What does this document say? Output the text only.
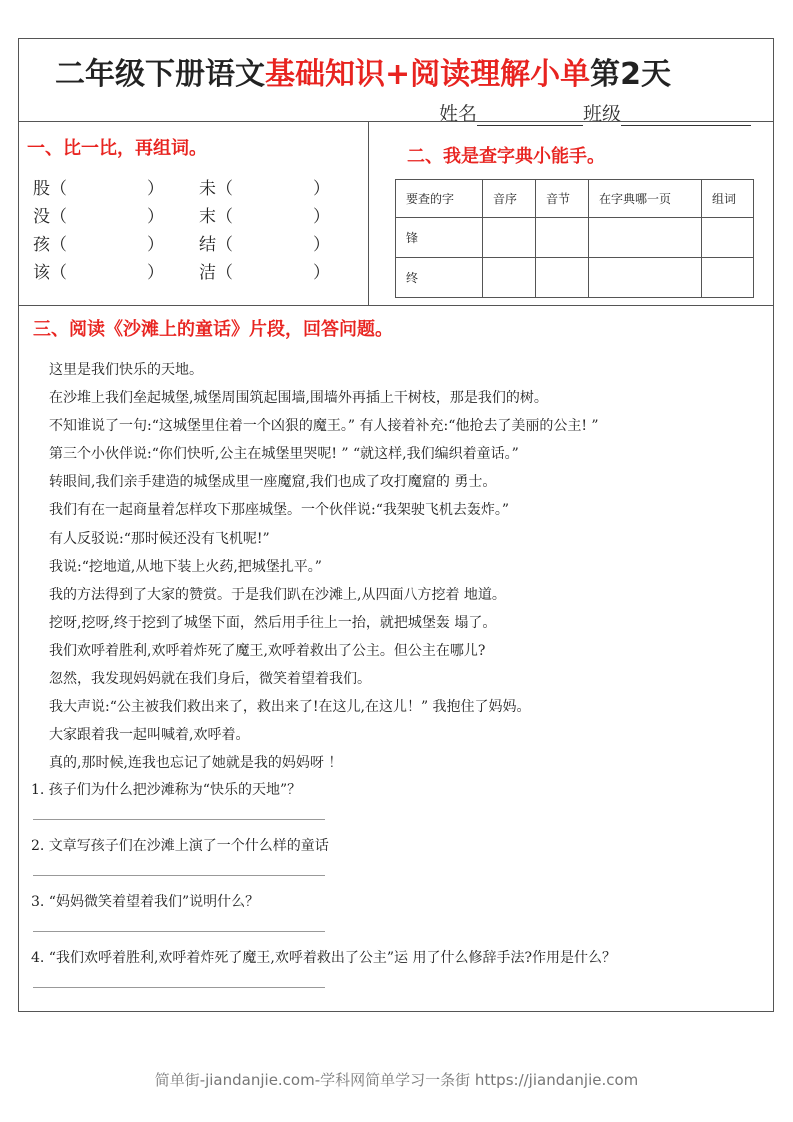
二年级下册语文基础知识+阅读理解小单第2天
姓名	班级
一、比一比，再组词。
股（	） 未（	）
没（	） 末（	）
孩（	） 结（	）
该（	） 洁（	）
二、我是查字典小能手。
要查的字	音序	音节	在字典哪一页	组词
锋				
终				
三、阅读《沙滩上的童话》片段，回答问题。

这里是我们快乐的天地。

在沙堆上我们垒起城堡,城堡周围筑起围墙,围墙外再插上干树枝，那是我们的树。

不知谁说了一句:“这城堡里住着一个凶狠的魔王。” 有人接着补充:“他抢去了美丽的公主! ”

第三个小伙伴说:“你们快听,公主在城堡里哭呢! ” “就这样,我们编织着童话。”

转眼间,我们亲手建造的城堡成里一座魔窟,我们也成了攻打魔窟的 勇士。

我们有在一起商量着怎样攻下那座城堡。一个伙伴说:“我架驶飞机去轰炸。”

有人反驳说:“那时候还没有飞机呢!”

我说:“挖地道,从地下装上火药,把城堡扎平。”

我的方法得到了大家的赞赏。于是我们趴在沙滩上,从四面八方挖着 地道。

挖呀,挖呀,终于挖到了城堡下面，然后用手往上一抬，就把城堡轰 塌了。

我们欢呼着胜利,欢呼着炸死了魔王,欢呼着救出了公主。但公主在哪儿?

忽然，我发现妈妈就在我们身后，微笑着望着我们。

我大声说:“公主被我们救出来了，救出来了!在这儿,在这儿！” 我抱住了妈妈。

大家跟着我一起叫喊着,欢呼着。

真的,那时候,连我也忘记了她就是我的妈妈呀 ！

1. 孩子们为什么把沙滩称为“快乐的天地”？
2. 文章写孩子们在沙滩上演了一个什么样的童话
3. “妈妈微笑着望着我们”说明什么？
4. “我们欢呼着胜利,欢呼着炸死了魔王,欢呼着救出了公主”运 用了什么修辞手法?作用是什么？
简单街-jiandanjie.com-学科网简单学习一条街 https://jiandanjie.com
